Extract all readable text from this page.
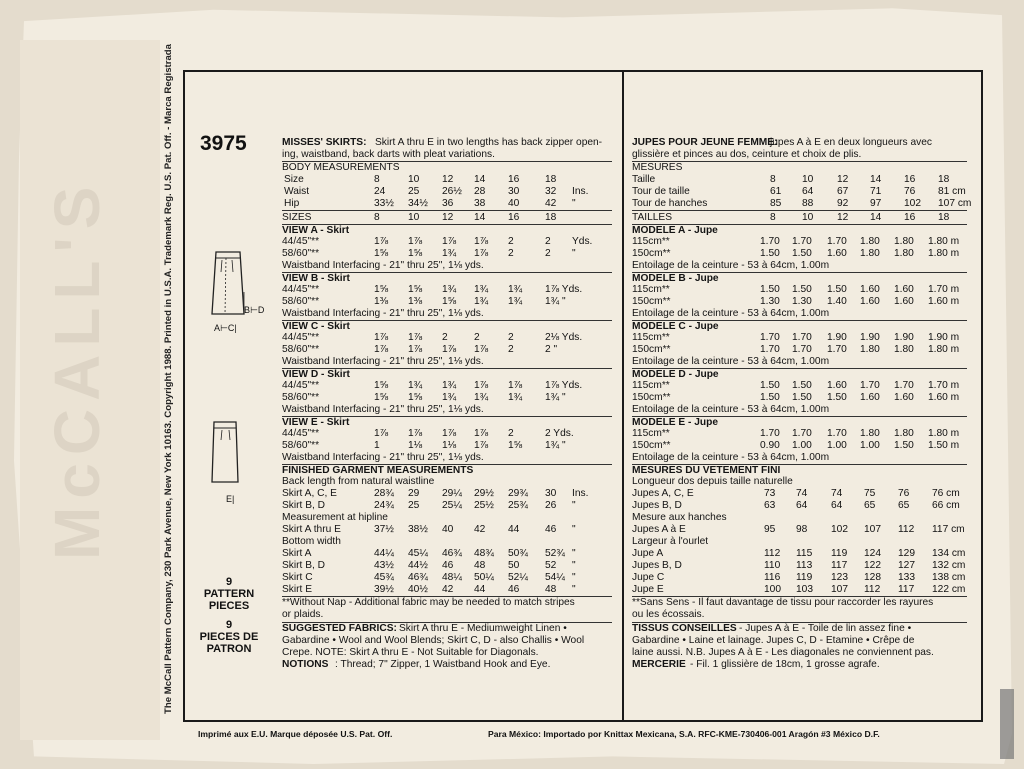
McCALL'S	The McCall Pattern Company, 230 Park Avenue, New York 10163. Copyright 1988. Printed in U.S.A. Trademark Reg. U.S. Pat. Off. - Marca Registrada 3975
B⊢D
A⊢C|
E|
9
PATTERN PIECES
9
PIECES DE PATRON
MISSES' SKIRTS: Skirt A thru E in two lengths has back zipper open-
ing, waistband, back darts with pleat variations.
BODY MEASUREMENTS
Size	8	10 12 14 16	18
Waist	24 25 26½ 28 30	32 Ins.
Hip	33½ 34½ 36 38 40	42 "
SIZES	8	10 12 14 16	18
VIEW A - Skirt
44/45"**	1⅞ 1⅞ 1⅞ 1⅞ 2	2 Yds.
58/60"**	1⅝ 1⅝ 1¾ 1⅞ 2	2 "
Waistband Interfacing - 21" thru 25", 1⅛ yds.
VIEW B - Skirt
44/45"**	1⅝ 1⅝ 1¾ 1¾ 1¾ 1⅞ Yds.
58/60"**	1⅜ 1⅜ 1⅝ 1¾ 1¾ 1¾ "
Waistband Interfacing - 21" thru 25", 1⅛ yds.
VIEW C - Skirt
44/45"**	1⅞ 1⅞ 2	2	2	2⅛ Yds.
58/60"**	1⅞ 1⅞ 1⅞ 1⅞ 2	2 "
Waistband Interfacing - 21" thru 25", 1⅛ yds.
VIEW D - Skirt
44/45"**	1⅝ 1¾ 1¾ 1⅞ 1⅞ 1⅞ Yds.
58/60"**	1⅝ 1⅝ 1¾ 1¾ 1¾ 1¾ "
Waistband Interfacing - 21" thru 25", 1⅛ yds.
VIEW E - Skirt
44/45"**	1⅞ 1⅞ 1⅞ 1⅞ 2	2 Yds.
58/60"**	1	1⅛ 1⅛ 1⅞ 1⅝ 1¾ "
Waistband Interfacing - 21" thru 25", 1⅛ yds.
FINISHED GARMENT MEASUREMENTS
Back length from natural waistline
Skirt A, C, E	28¾ 29 29¼ 29½ 29¾ 30 Ins.
Skirt B, D	24¾ 25 25¼ 25½ 25¾ 26 "
Measurement at hipline
Skirt A thru E	37½ 38½ 40 42 44	46 "
Bottom width
Skirt A	44¼ 45¼ 46¾ 48¾ 50¾ 52¾ "
Skirt B, D	43½ 44½ 46 48 50	52 "
Skirt C	45¾ 46¾ 48¼ 50¼ 52¼ 54¼ "
Skirt E	39½ 40½ 42 44 46	48 "
**Without Nap - Additional fabric may be needed to match stripes
or plaids.
SUGGESTED FABRICS: Skirt A thru E - Mediumweight Linen •
Gabardine • Wool and Wool Blends; Skirt C, D - also Challis • Wool
Crepe. NOTE: Skirt A thru E - Not Suitable for Diagonals.
NOTIONS : Thread; 7" Zipper, 1 Waistband Hook and Eye.
JUPES POUR JEUNE FEMME:
jupes A à E en deux longueurs avec
glissière et pinces au dos, ceinture et choix de plis.
MESURES
Taille	8	10 12 14 16 18
Tour de taille	61 64 67 71 76 81 cm
Tour de hanches	85 88 92 97 102 107 cm
TAILLES	8	10 12 14 16 18
MODELE A - Jupe
115cm**	1.70 1.70 1.70 1.80 1.80 1.80 m
150cm**	1.50 1.50 1.60 1.80 1.80 1.80 m
Entoilage de la ceinture - 53 à 64cm, 1.00m
MODELE B - Jupe
115cm**	1.50 1.50 1.50 1.60 1.60 1.70 m
150cm**	1.30 1.30 1.40 1.60 1.60 1.60 m
Entoilage de la ceinture - 53 à 64cm, 1.00m
MODELE C - Jupe
115cm**	1.70 1.70 1.90 1.90 1.90 1.90 m
150cm**	1.70 1.70 1.70 1.80 1.80 1.80 m
Entoilage de la ceinture - 53 à 64cm, 1.00m
MODELE D - Jupe
115cm**	1.50 1.50 1.60 1.70 1.70 1.70 m
150cm**	1.50 1.50 1.50 1.60 1.60 1.60 m
Entoilage de la ceinture - 53 à 64cm, 1.00m
MODELE E - Jupe
115cm**	1.70 1.70 1.70 1.80 1.80 1.80 m
150cm**	0.90 1.00 1.00 1.00 1.50 1.50 m
Entoilage de la ceinture - 53 à 64cm, 1.00m
MESURES DU VETEMENT FINI
Longueur dos depuis taille naturelle
Jupes A, C, E	73 74 74 75 76 76 cm
Jupes B, D	63 64 64 65 65 66 cm
Mesure aux hanches
Jupes A à E	95 98 102 107 112 117 cm
Largeur à l'ourlet
Jupe A	112 115 119 124 129 134 cm
Jupes B, D	110 113 117 122 127 132 cm
Jupe C	116 119 123 128 133 138 cm
Jupe E	100 103 107 112 117 122 cm
**Sans Sens - Il faut davantage de tissu pour raccorder les rayures
ou les écossais.
TISSUS CONSEILLES - Jupes A à E - Toile de lin assez fine •
Gabardine • Laine et lainage. Jupes C, D - Etamine • Crêpe de
laine aussi. N.B. Jupes A à E - Les diagonales ne conviennent pas.
MERCERIE - Fil. 1 glissière de 18cm, 1 grosse agrafe.
Imprimé aux E.U. Marque déposée U.S. Pat. Off.	Para México: Importado por Knittax Mexicana, S.A. RFC-KME-730406-001 Aragón #3 México D.F.
